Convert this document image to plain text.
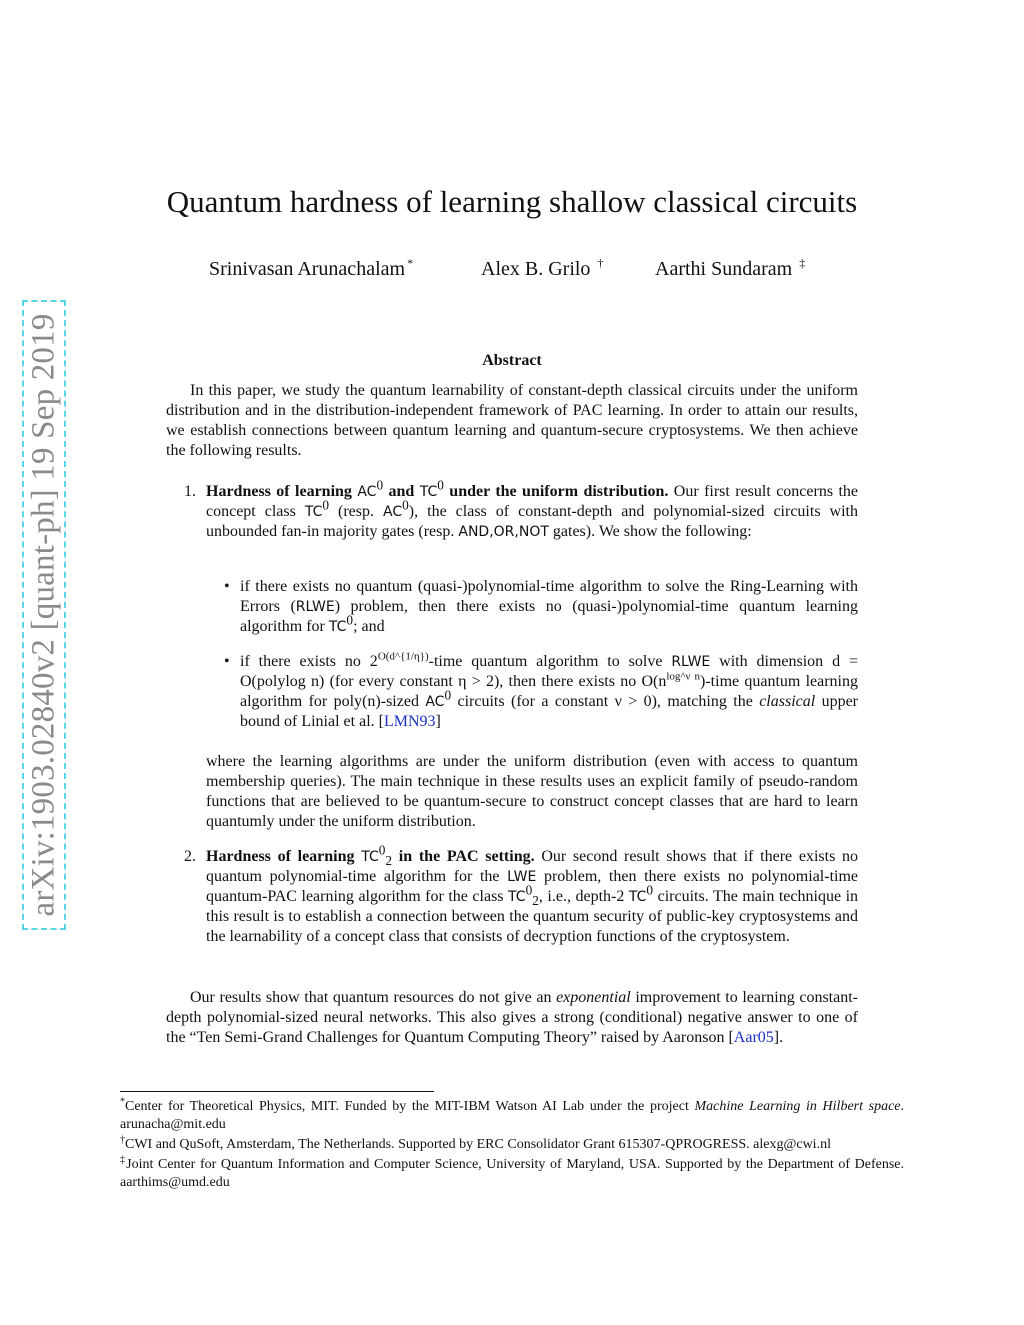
arXiv:1903.02840v2 [quant-ph] 19 Sep 2019
Quantum hardness of learning shallow classical circuits
Srinivasan Arunachalam *	Alex B. Grilo †	Aarthi Sundaram ‡
Abstract
In this paper, we study the quantum learnability of constant-depth classical circuits under the uniform distribution and in the distribution-independent framework of PAC learning. In order to attain our results, we establish connections between quantum learning and quantum-secure cryptosystems. We then achieve the following results.
1. Hardness of learning $AC^0$ and $TC^0$ under the uniform distribution. Our first result concerns the concept class $TC^0$ (resp. $AC^0$), the class of constant-depth and polynomial-sized circuits with unbounded fan-in majority gates (resp. AND,OR,NOT gates). We show the following:
• if there exists no quantum (quasi-)polynomial-time algorithm to solve the Ring-Learning with Errors (RLWE) problem, then there exists no (quasi-)polynomial-time quantum learning algorithm for $TC^0$; and
• if there exists no $2^{O(d\^{}\{1/\eta\})}$-time quantum algorithm to solve RLWE with dimension d = O(polylog n) (for every constant η > 2), then there exists no $O(n^{log\^{}\nu n})$-time quantum learning algorithm for poly(n)-sized $AC^0$ circuits (for a constant ν > 0), matching the classical upper bound of Linial et al. [LMN93]
where the learning algorithms are under the uniform distribution (even with access to quantum membership queries). The main technique in these results uses an explicit family of pseudo-random functions that are believed to be quantum-secure to construct concept classes that are hard to learn quantumly under the uniform distribution.
2. Hardness of learning $TC^0_2$ in the PAC setting. Our second result shows that if there exists no quantum polynomial-time algorithm for the LWE problem, then there exists no polynomial-time quantum-PAC learning algorithm for the class $TC^0_2$, i.e., depth-2 $TC^0$ circuits. The main technique in this result is to establish a connection between the quantum security of public-key cryptosystems and the learnability of a concept class that consists of decryption functions of the cryptosystem.
Our results show that quantum resources do not give an exponential improvement to learning constant-depth polynomial-sized neural networks. This also gives a strong (conditional) negative answer to one of the “Ten Semi-Grand Challenges for Quantum Computing Theory” raised by Aaronson [Aar05].
*Center for Theoretical Physics, MIT. Funded by the MIT-IBM Watson AI Lab under the project Machine Learning in Hilbert space. arunacha@mit.edu
†CWI and QuSoft, Amsterdam, The Netherlands. Supported by ERC Consolidator Grant 615307-QPROGRESS. alexg@cwi.nl
‡Joint Center for Quantum Information and Computer Science, University of Maryland, USA. Supported by the Department of Defense. aarthims@umd.edu
